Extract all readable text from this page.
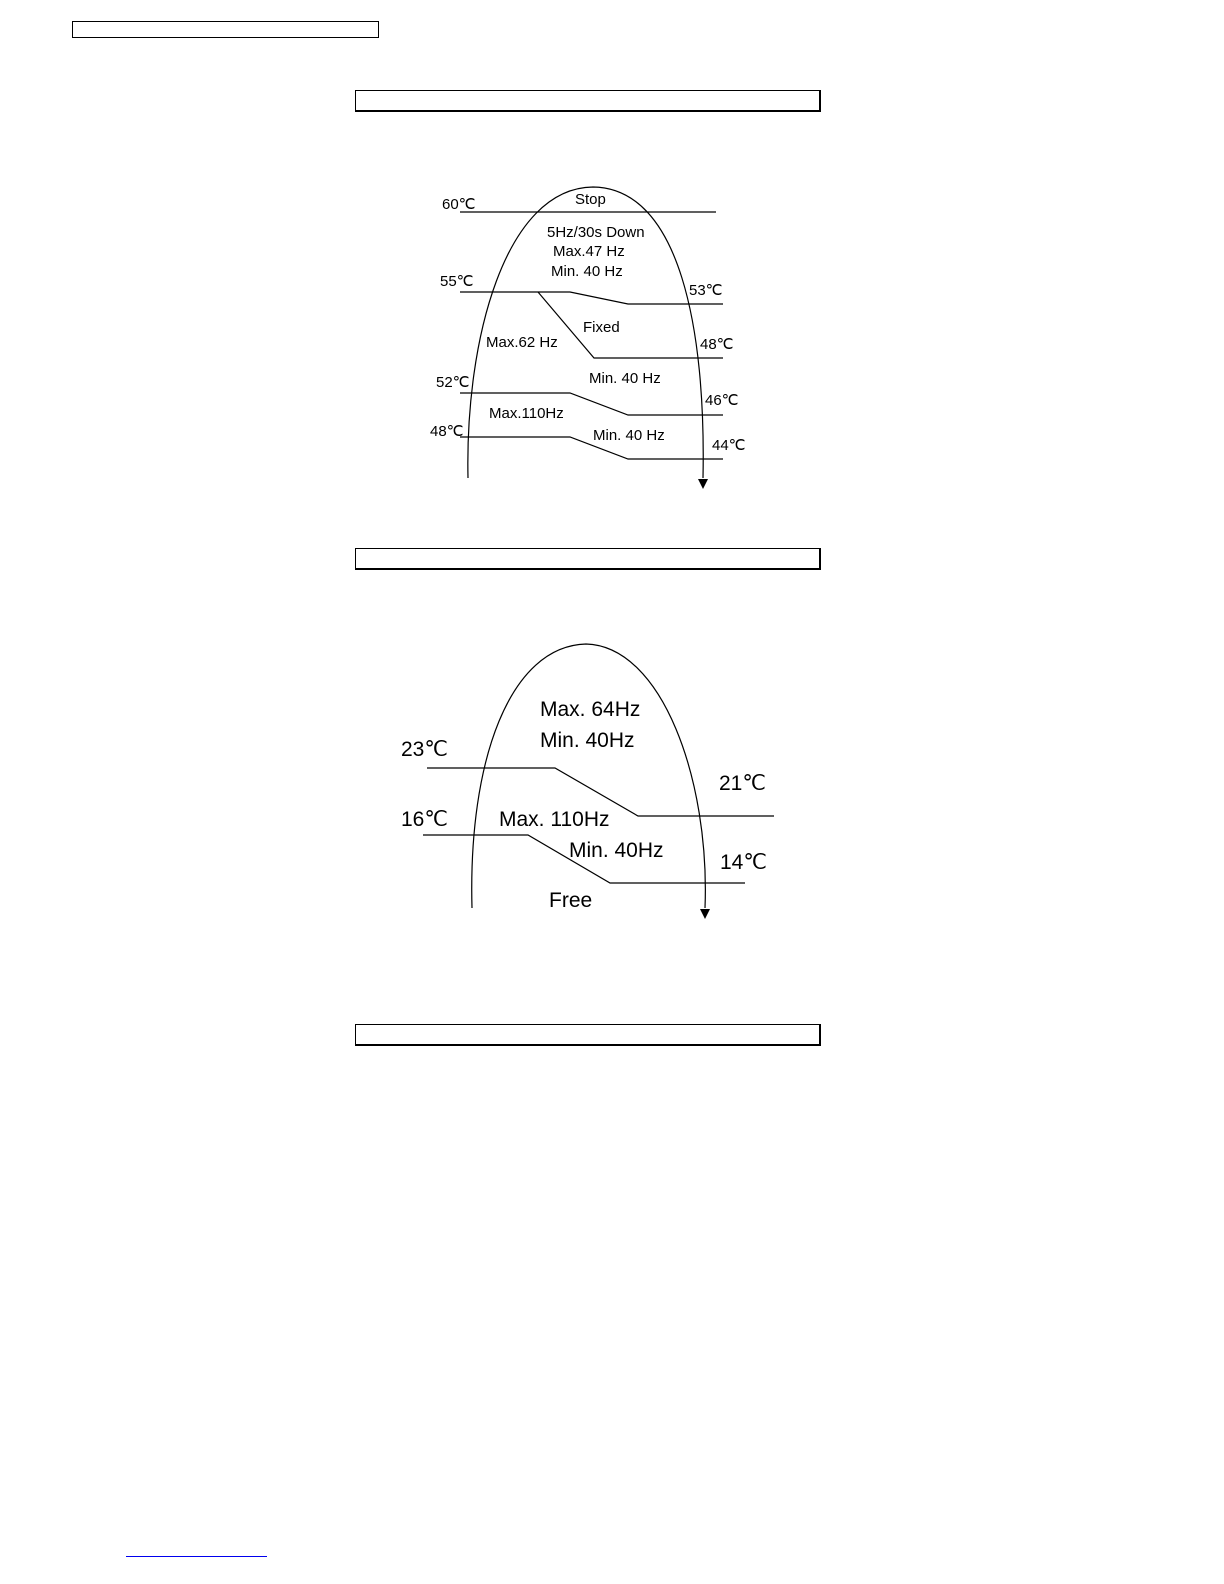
60℃
55℃
53℃
48℃
52℃
46℃
48℃
44℃
Stop
5Hz/30s Down
Max.47 Hz
Min. 40 Hz
Fixed
Max.62 Hz
Min. 40 Hz
Max.110Hz
Min. 40 Hz
23℃
21℃
16℃
14℃
Max. 64Hz
Min. 40Hz
Max. 110Hz
Min. 40Hz
Free
